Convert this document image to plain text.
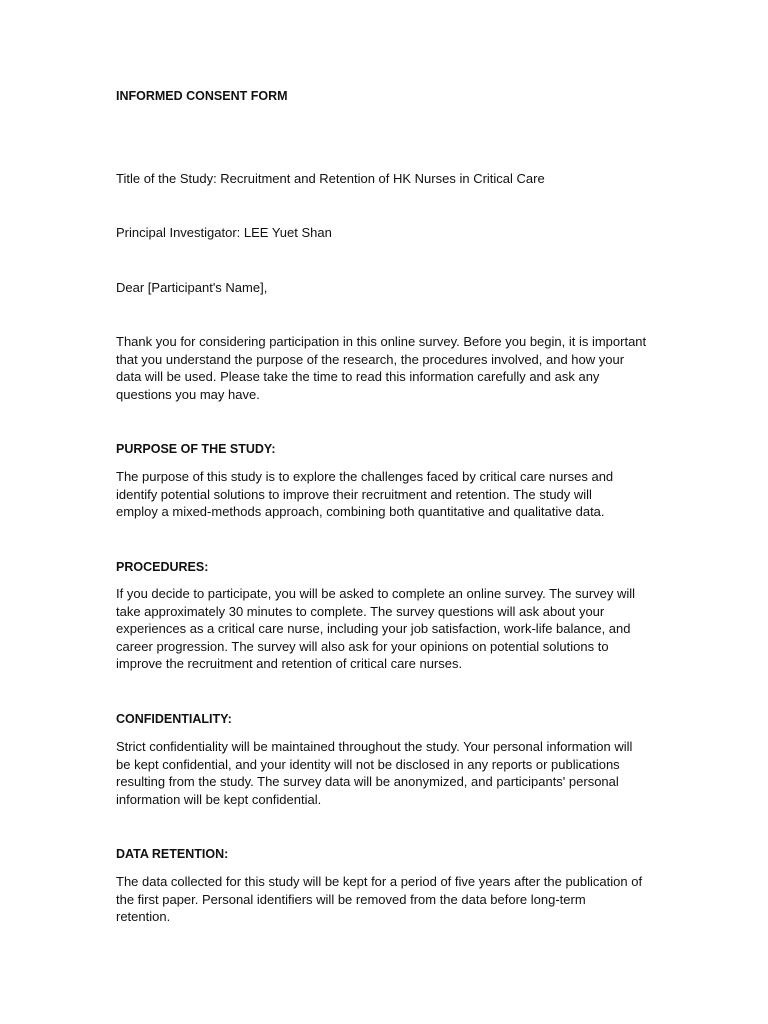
INFORMED CONSENT FORM
Title of the Study: Recruitment and Retention of HK Nurses in Critical Care
Principal Investigator: LEE Yuet Shan
Dear [Participant's Name],
Thank you for considering participation in this online survey. Before you begin, it is important
that you understand the purpose of the research, the procedures involved, and how your
data will be used. Please take the time to read this information carefully and ask any
questions you may have.
PURPOSE OF THE STUDY:
The purpose of this study is to explore the challenges faced by critical care nurses and
identify potential solutions to improve their recruitment and retention. The study will
employ a mixed-methods approach, combining both quantitative and qualitative data.
PROCEDURES:
If you decide to participate, you will be asked to complete an online survey. The survey will
take approximately 30 minutes to complete. The survey questions will ask about your
experiences as a critical care nurse, including your job satisfaction, work-life balance, and
career progression. The survey will also ask for your opinions on potential solutions to
improve the recruitment and retention of critical care nurses.
CONFIDENTIALITY:
Strict confidentiality will be maintained throughout the study. Your personal information will
be kept confidential, and your identity will not be disclosed in any reports or publications
resulting from the study. The survey data will be anonymized, and participants' personal
information will be kept confidential.
DATA RETENTION:
The data collected for this study will be kept for a period of five years after the publication of
the first paper. Personal identifiers will be removed from the data before long-term
retention.
